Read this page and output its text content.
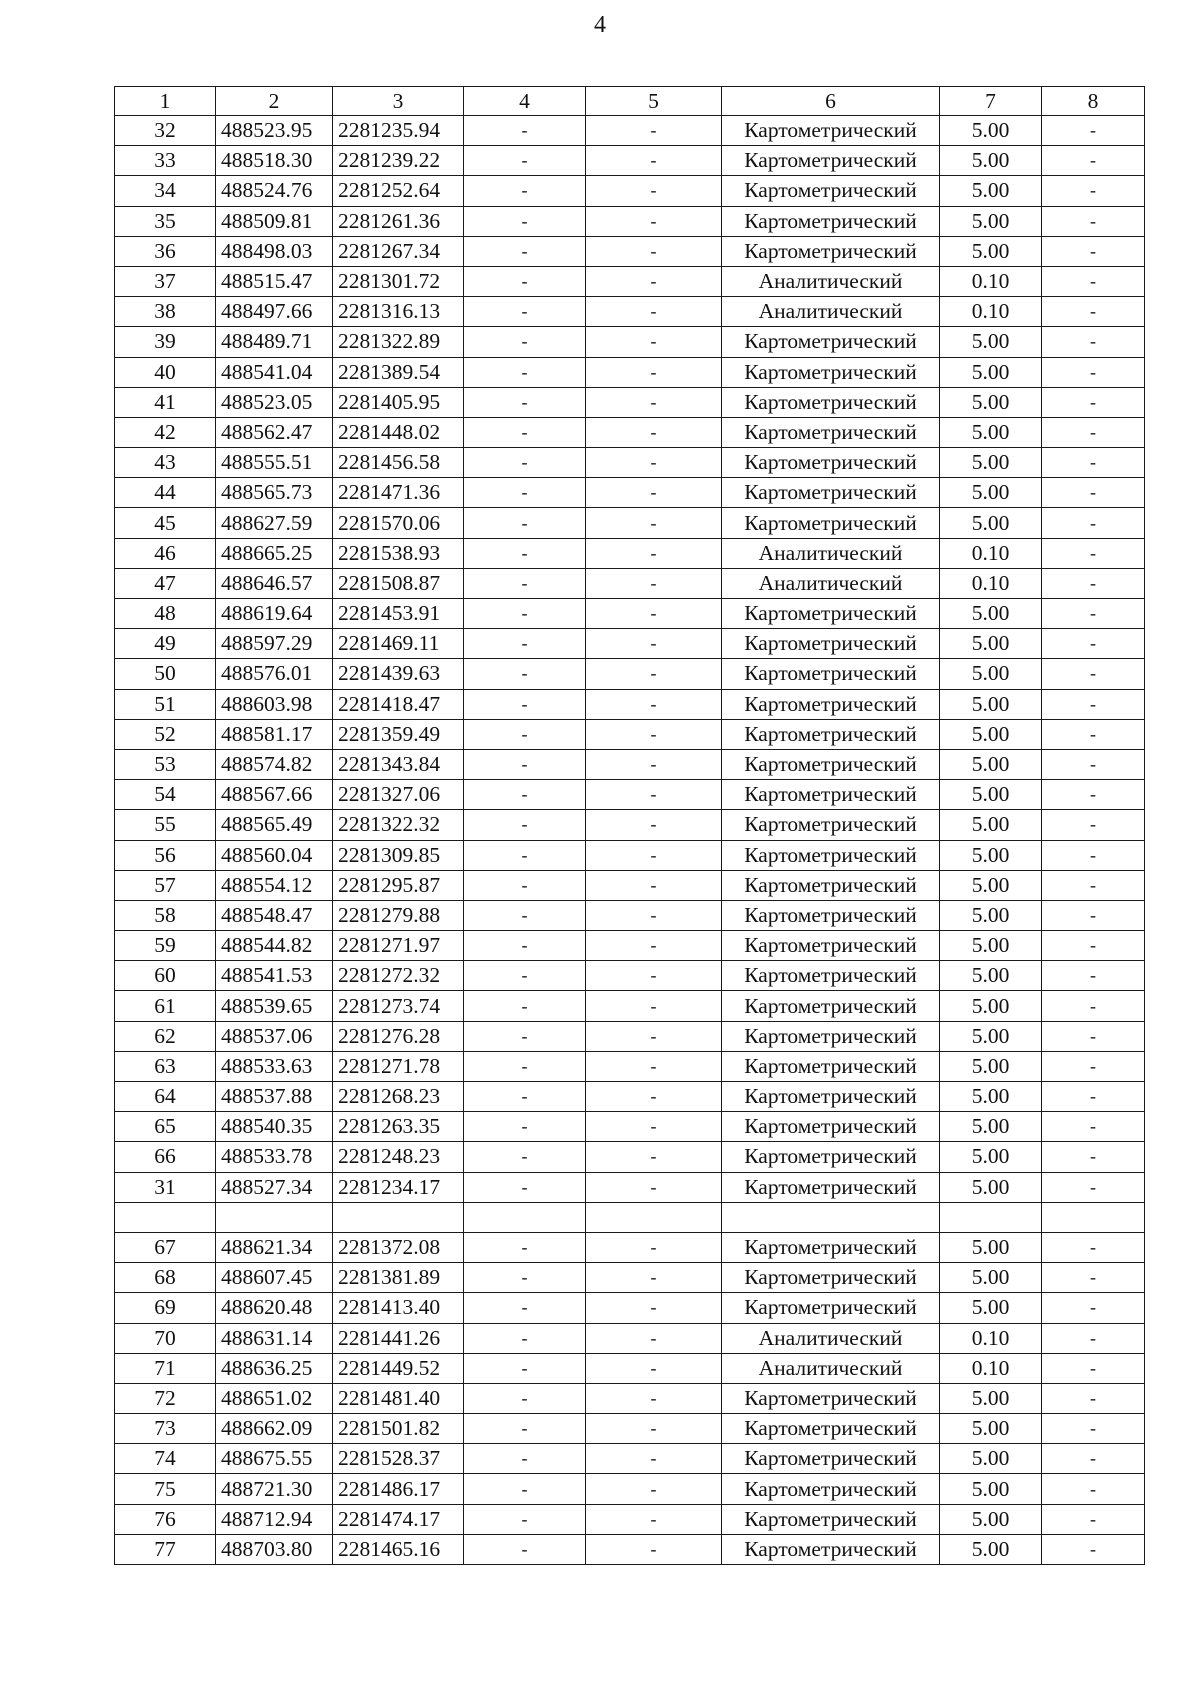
4
1	2	3	4	5	6	7	8
32	488523.95	2281235.94	-	-	Картометрический	5.00	-
33	488518.30	2281239.22	-	-	Картометрический	5.00	-
34	488524.76	2281252.64	-	-	Картометрический	5.00	-
35	488509.81	2281261.36	-	-	Картометрический	5.00	-
36	488498.03	2281267.34	-	-	Картометрический	5.00	-
37	488515.47	2281301.72	-	-	Аналитический	0.10	-
38	488497.66	2281316.13	-	-	Аналитический	0.10	-
39	488489.71	2281322.89	-	-	Картометрический	5.00	-
40	488541.04	2281389.54	-	-	Картометрический	5.00	-
41	488523.05	2281405.95	-	-	Картометрический	5.00	-
42	488562.47	2281448.02	-	-	Картометрический	5.00	-
43	488555.51	2281456.58	-	-	Картометрический	5.00	-
44	488565.73	2281471.36	-	-	Картометрический	5.00	-
45	488627.59	2281570.06	-	-	Картометрический	5.00	-
46	488665.25	2281538.93	-	-	Аналитический	0.10	-
47	488646.57	2281508.87	-	-	Аналитический	0.10	-
48	488619.64	2281453.91	-	-	Картометрический	5.00	-
49	488597.29	2281469.11	-	-	Картометрический	5.00	-
50	488576.01	2281439.63	-	-	Картометрический	5.00	-
51	488603.98	2281418.47	-	-	Картометрический	5.00	-
52	488581.17	2281359.49	-	-	Картометрический	5.00	-
53	488574.82	2281343.84	-	-	Картометрический	5.00	-
54	488567.66	2281327.06	-	-	Картометрический	5.00	-
55	488565.49	2281322.32	-	-	Картометрический	5.00	-
56	488560.04	2281309.85	-	-	Картометрический	5.00	-
57	488554.12	2281295.87	-	-	Картометрический	5.00	-
58	488548.47	2281279.88	-	-	Картометрический	5.00	-
59	488544.82	2281271.97	-	-	Картометрический	5.00	-
60	488541.53	2281272.32	-	-	Картометрический	5.00	-
61	488539.65	2281273.74	-	-	Картометрический	5.00	-
62	488537.06	2281276.28	-	-	Картометрический	5.00	-
63	488533.63	2281271.78	-	-	Картометрический	5.00	-
64	488537.88	2281268.23	-	-	Картометрический	5.00	-
65	488540.35	2281263.35	-	-	Картометрический	5.00	-
66	488533.78	2281248.23	-	-	Картометрический	5.00	-
31	488527.34	2281234.17	-	-	Картометрический	5.00	-

67	488621.34	2281372.08	-	-	Картометрический	5.00	-
68	488607.45	2281381.89	-	-	Картометрический	5.00	-
69	488620.48	2281413.40	-	-	Картометрический	5.00	-
70	488631.14	2281441.26	-	-	Аналитический	0.10	-
71	488636.25	2281449.52	-	-	Аналитический	0.10	-
72	488651.02	2281481.40	-	-	Картометрический	5.00	-
73	488662.09	2281501.82	-	-	Картометрический	5.00	-
74	488675.55	2281528.37	-	-	Картометрический	5.00	-
75	488721.30	2281486.17	-	-	Картометрический	5.00	-
76	488712.94	2281474.17	-	-	Картометрический	5.00	-
77	488703.80	2281465.16	-	-	Картометрический	5.00	-
